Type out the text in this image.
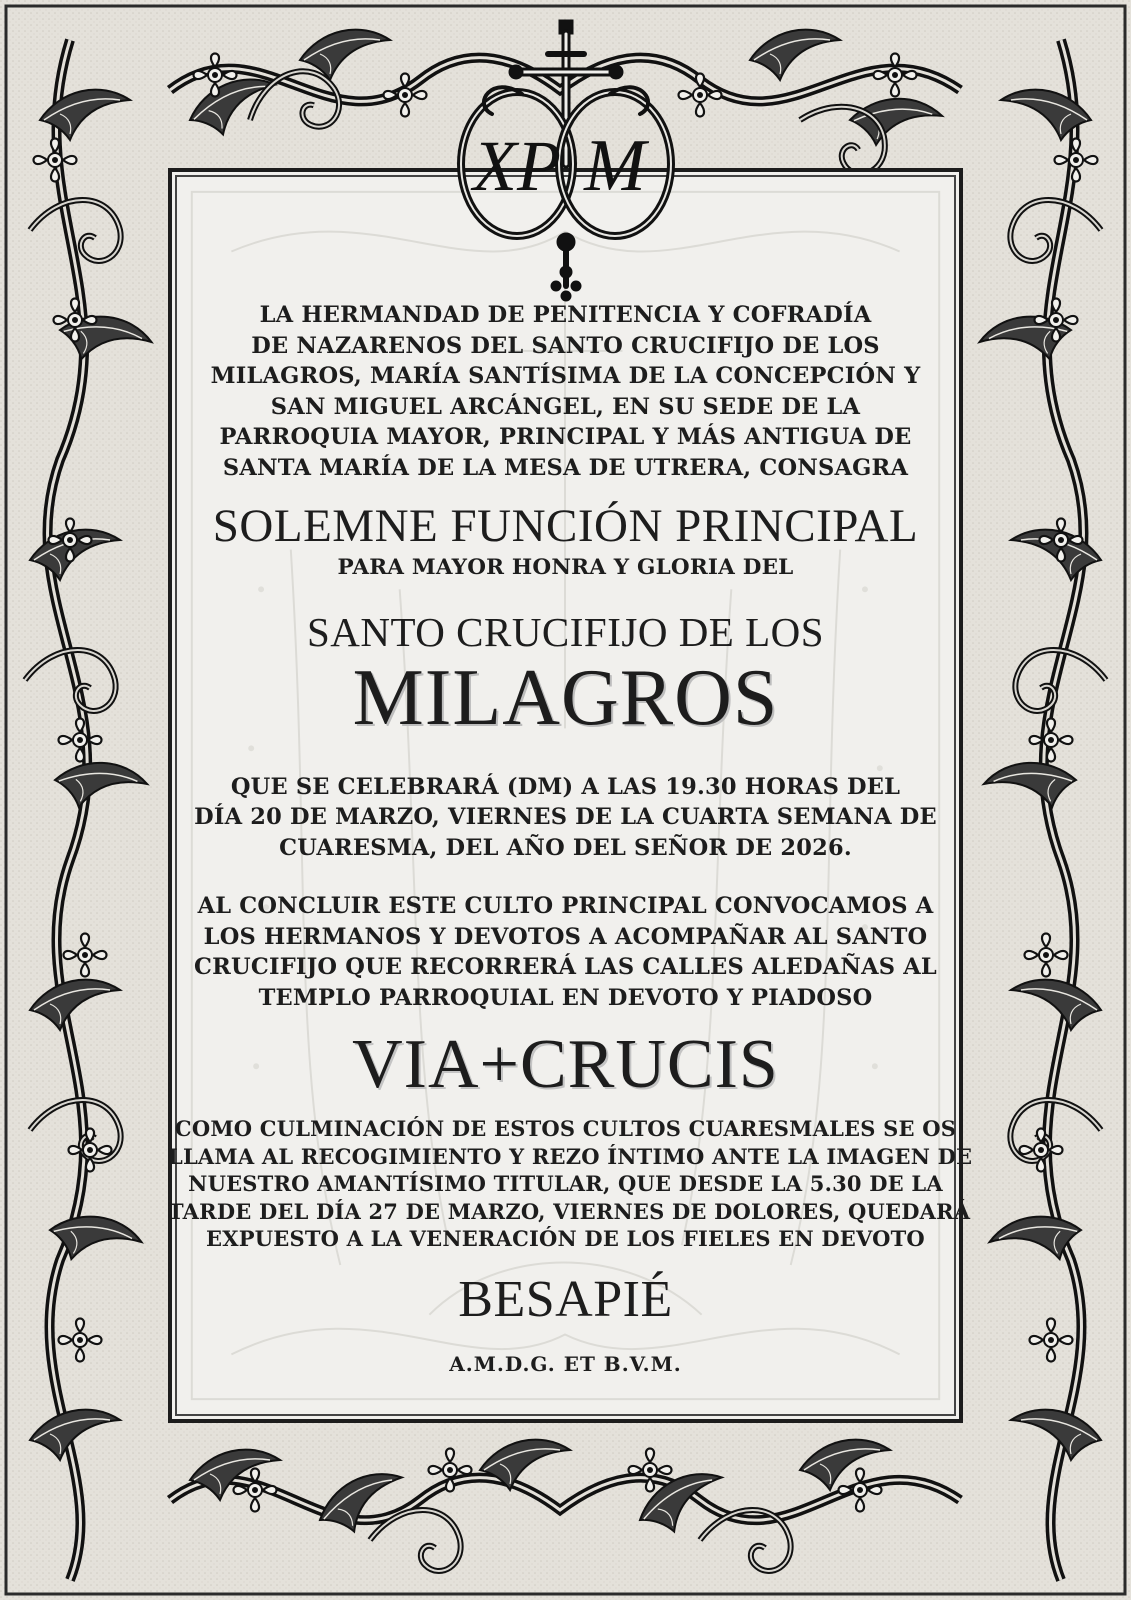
XP M
LA HERMANDAD DE PENITENCIA Y COFRADÍA
DE NAZARENOS DEL SANTO CRUCIFIJO DE LOS
MILAGROS, MARÍA SANTÍSIMA DE LA CONCEPCIÓN Y
SAN MIGUEL ARCÁNGEL, EN SU SEDE DE LA
PARROQUIA MAYOR, PRINCIPAL Y MÁS ANTIGUA DE
SANTA MARÍA DE LA MESA DE UTRERA, CONSAGRA
SOLEMNE FUNCIÓN PRINCIPAL
PARA MAYOR HONRA Y GLORIA DEL
SANTO CRUCIFIJO DE LOS
MILAGROS
QUE SE CELEBRARÁ (DM) A LAS 19.30 HORAS DEL
DÍA 20 DE MARZO, VIERNES DE LA CUARTA SEMANA DE
CUARESMA, DEL AÑO DEL SEÑOR DE 2026.
AL CONCLUIR ESTE CULTO PRINCIPAL CONVOCAMOS A
LOS HERMANOS Y DEVOTOS A ACOMPAÑAR AL SANTO
CRUCIFIJO QUE RECORRERÁ LAS CALLES ALEDAÑAS AL
TEMPLO PARROQUIAL EN DEVOTO Y PIADOSO
VIA+CRUCIS
COMO CULMINACIÓN DE ESTOS CULTOS CUARESMALES SE OS
LLAMA AL RECOGIMIENTO Y REZO ÍNTIMO ANTE LA IMAGEN DE
NUESTRO AMANTÍSIMO TITULAR, QUE DESDE LA 5.30 DE LA
TARDE DEL DÍA 27 DE MARZO, VIERNES DE DOLORES, QUEDARÁ
EXPUESTO A LA VENERACIÓN DE LOS FIELES EN DEVOTO
BESAPIÉ
A.M.D.G. ET B.V.M.
